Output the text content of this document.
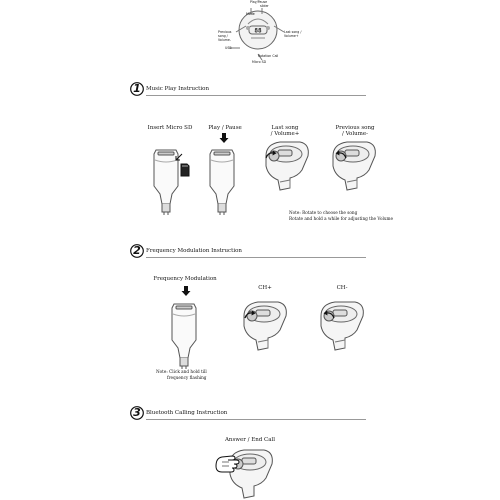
88
Mode
slider
Play/Pause
Previous song / Volume-
Last song / Volume+
USB
Rotation Call
Micro SD
1 Music Play Instruction
Insert Micro SD	Play / Pause	Last song
/ Volume+
Previous song
/ Volume-
Note: Rotate to choose the song
Rotate and hold a while for adjusting the Volume
2 Frequency Modulation Instruction
Frequency Modulation
CH+	CH-
Note: Click and hold till
frequency flashing
3 Bluetooth Calling Instruction
Answer / End Call
